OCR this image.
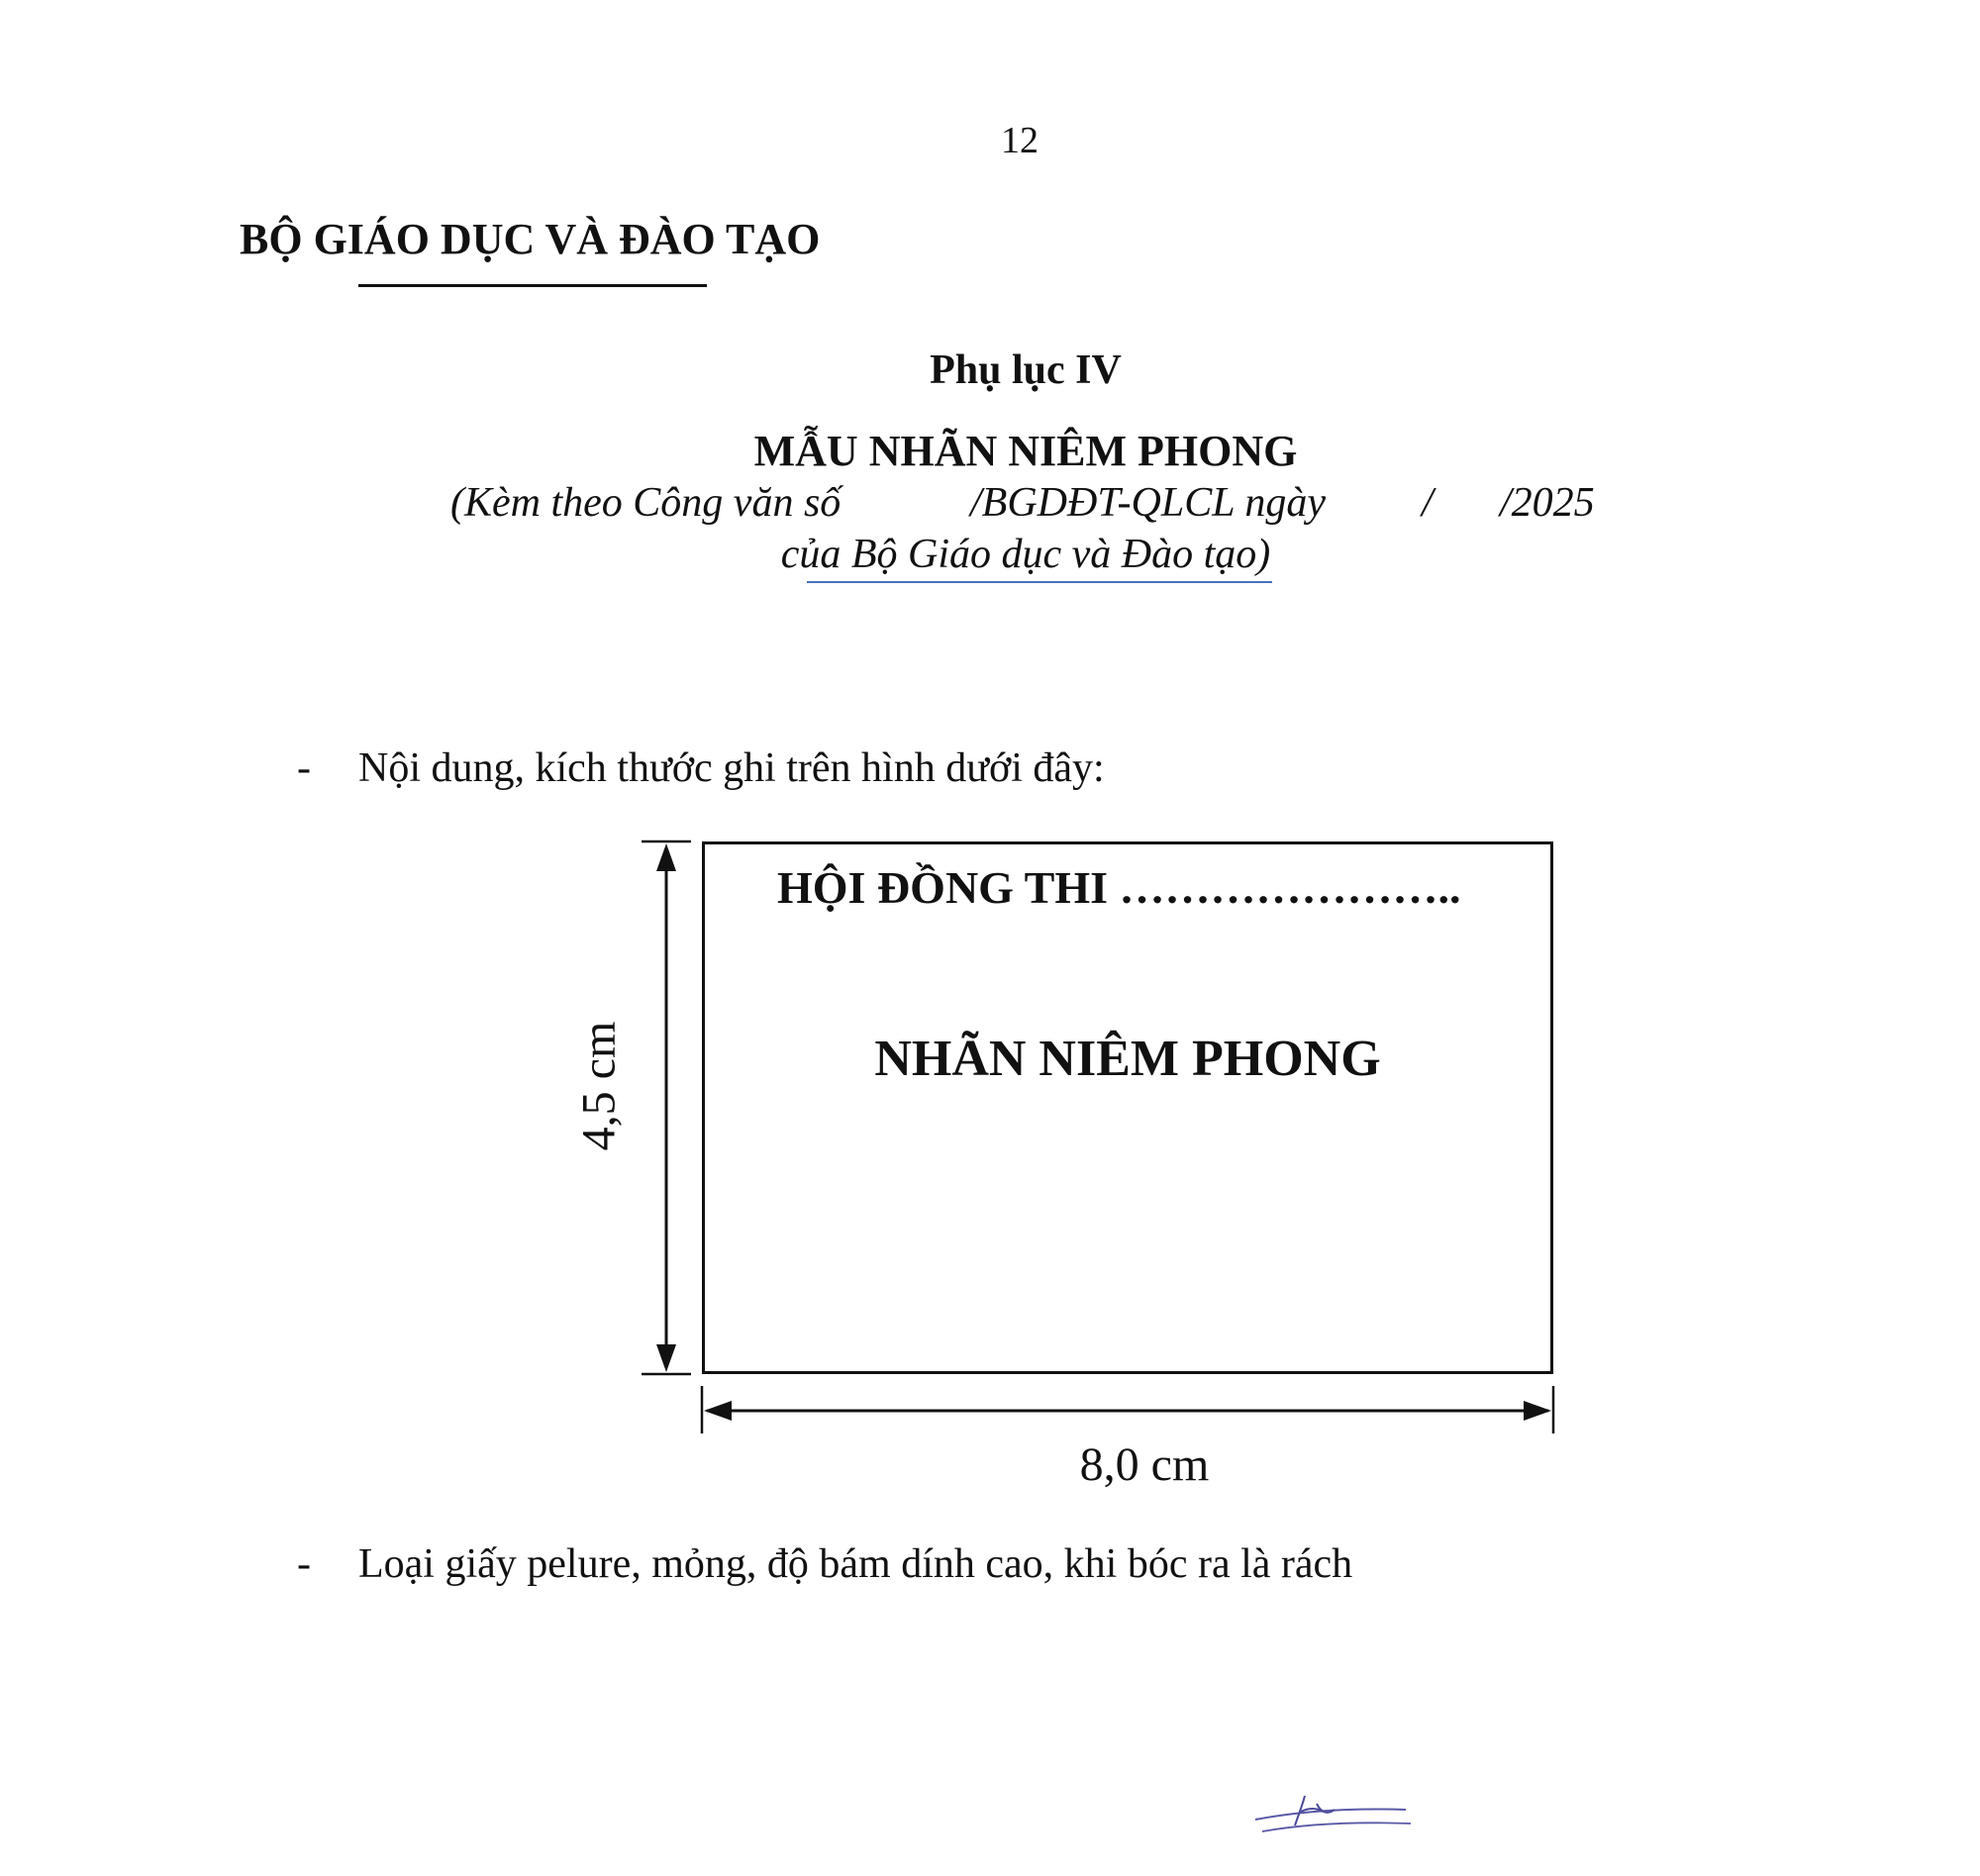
12
BỘ GIÁO DỤC VÀ ĐÀO TẠO
Phụ lục IV
MẪU NHÃN NIÊM PHONG
(Kèm theo Công văn số	/BGDĐT-QLCL ngày / /2025
của Bộ Giáo dục và Đào tạo)
- Nội dung, kích thước ghi trên hình dưới đây:
HỘI ĐỒNG THI …………………..
NHÃN NIÊM PHONG
4,5 cm
8,0 cm
- Loại giấy pelure, mỏng, độ bám dính cao, khi bóc ra là rách
